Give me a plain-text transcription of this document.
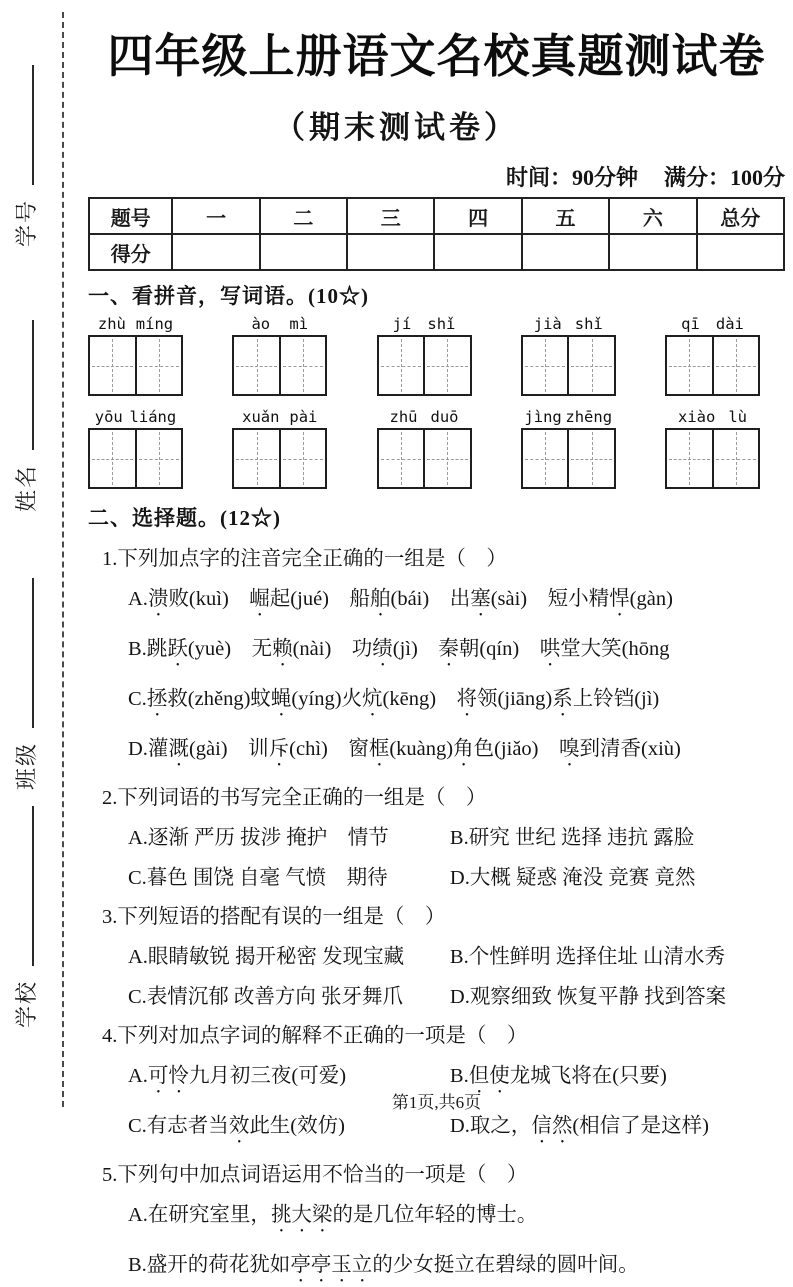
学号
姓名
班级
学校
四年级上册语文名校真题测试卷
（期末测试卷）
时间：90分钟 满分：100分
题号	一	二	三	四	五	六	总分
得分							
一、看拼音，写词语。(10☆)
zhù míng	ào mì	jí shǐ	jià shǐ	qī dài
yōu liáng	xuǎn pài	zhū duō	jìng zhēng	xiào lù
二、选择题。(12☆)
1.下列加点字的注音完全正确的一组是（　）
A.溃败(kuì)　崛起(jué)　船舶(bái)　出塞(sài)　短小精悍(gàn)
B.跳跃(yuè)　无赖(nài)　功绩(jì)　秦朝(qín)　哄堂大笑(hōng
C.拯救(zhěng)蚊蝇(yíng)火炕(kēng)　将领(jiāng)系上铃铛(jì)
D.灌溉(gài)　训斥(chì)　窗框(kuàng)角色(jiǎo)　嗅到清香(xiù)
2.下列词语的书写完全正确的一组是（　）
A.逐渐 严历 拔涉 掩护　情节	B.研究 世纪 选择 违抗 露脸
C.暮色 围饶 自毫 气愤　期待	D.大概 疑惑 淹没 竞赛 竟然
3.下列短语的搭配有误的一组是（　）
A.眼睛敏锐 揭开秘密 发现宝藏	B.个性鲜明 选择住址 山清水秀
C.表情沉郁 改善方向 张牙舞爪	D.观察细致 恢复平静 找到答案
4.下列对加点字词的解释不正确的一项是（　）
A.可怜九月初三夜(可爱)	B.但使龙城飞将在(只要)
C.有志者当效此生(效仿)	D.取之，信然(相信了是这样)
5.下列句中加点词语运用不恰当的一项是（　）
A.在研究室里，挑大梁的是几位年轻的博士。
B.盛开的荷花犹如亭亭玉立的少女挺立在碧绿的圆叶间。
第1页,共6页
